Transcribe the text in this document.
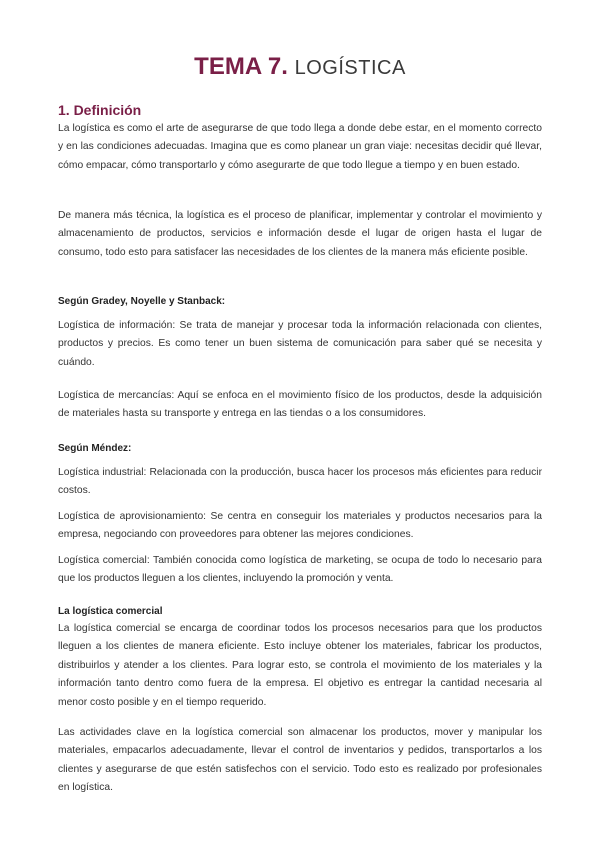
TEMA 7. LOGÍSTICA
1. Definición
La logística es como el arte de asegurarse de que todo llega a donde debe estar, en el momento correcto y en las condiciones adecuadas. Imagina que es como planear un gran viaje: necesitas decidir qué llevar, cómo empacar, cómo transportarlo y cómo asegurarte de que todo llegue a tiempo y en buen estado.
De manera más técnica, la logística es el proceso de planificar, implementar y controlar el movimiento y almacenamiento de productos, servicios e información desde el lugar de origen hasta el lugar de consumo, todo esto para satisfacer las necesidades de los clientes de la manera más eficiente posible.
Según Gradey, Noyelle y Stanback:
Logística de información: Se trata de manejar y procesar toda la información relacionada con clientes, productos y precios. Es como tener un buen sistema de comunicación para saber qué se necesita y cuándo.
Logística de mercancías: Aquí se enfoca en el movimiento físico de los productos, desde la adquisición de materiales hasta su transporte y entrega en las tiendas o a los consumidores.
Según Méndez:
Logística industrial: Relacionada con la producción, busca hacer los procesos más eficientes para reducir costos.
Logística de aprovisionamiento: Se centra en conseguir los materiales y productos necesarios para la empresa, negociando con proveedores para obtener las mejores condiciones.
Logística comercial: También conocida como logística de marketing, se ocupa de todo lo necesario para que los productos lleguen a los clientes, incluyendo la promoción y venta.
La logística comercial
La logística comercial se encarga de coordinar todos los procesos necesarios para que los productos lleguen a los clientes de manera eficiente. Esto incluye obtener los materiales, fabricar los productos, distribuirlos y atender a los clientes. Para lograr esto, se controla el movimiento de los materiales y la información tanto dentro como fuera de la empresa. El objetivo es entregar la cantidad necesaria al menor costo posible y en el tiempo requerido.
Las actividades clave en la logística comercial son almacenar los productos, mover y manipular los materiales, empacarlos adecuadamente, llevar el control de inventarios y pedidos, transportarlos a los clientes y asegurarse de que estén satisfechos con el servicio. Todo esto es realizado por profesionales en logística.
